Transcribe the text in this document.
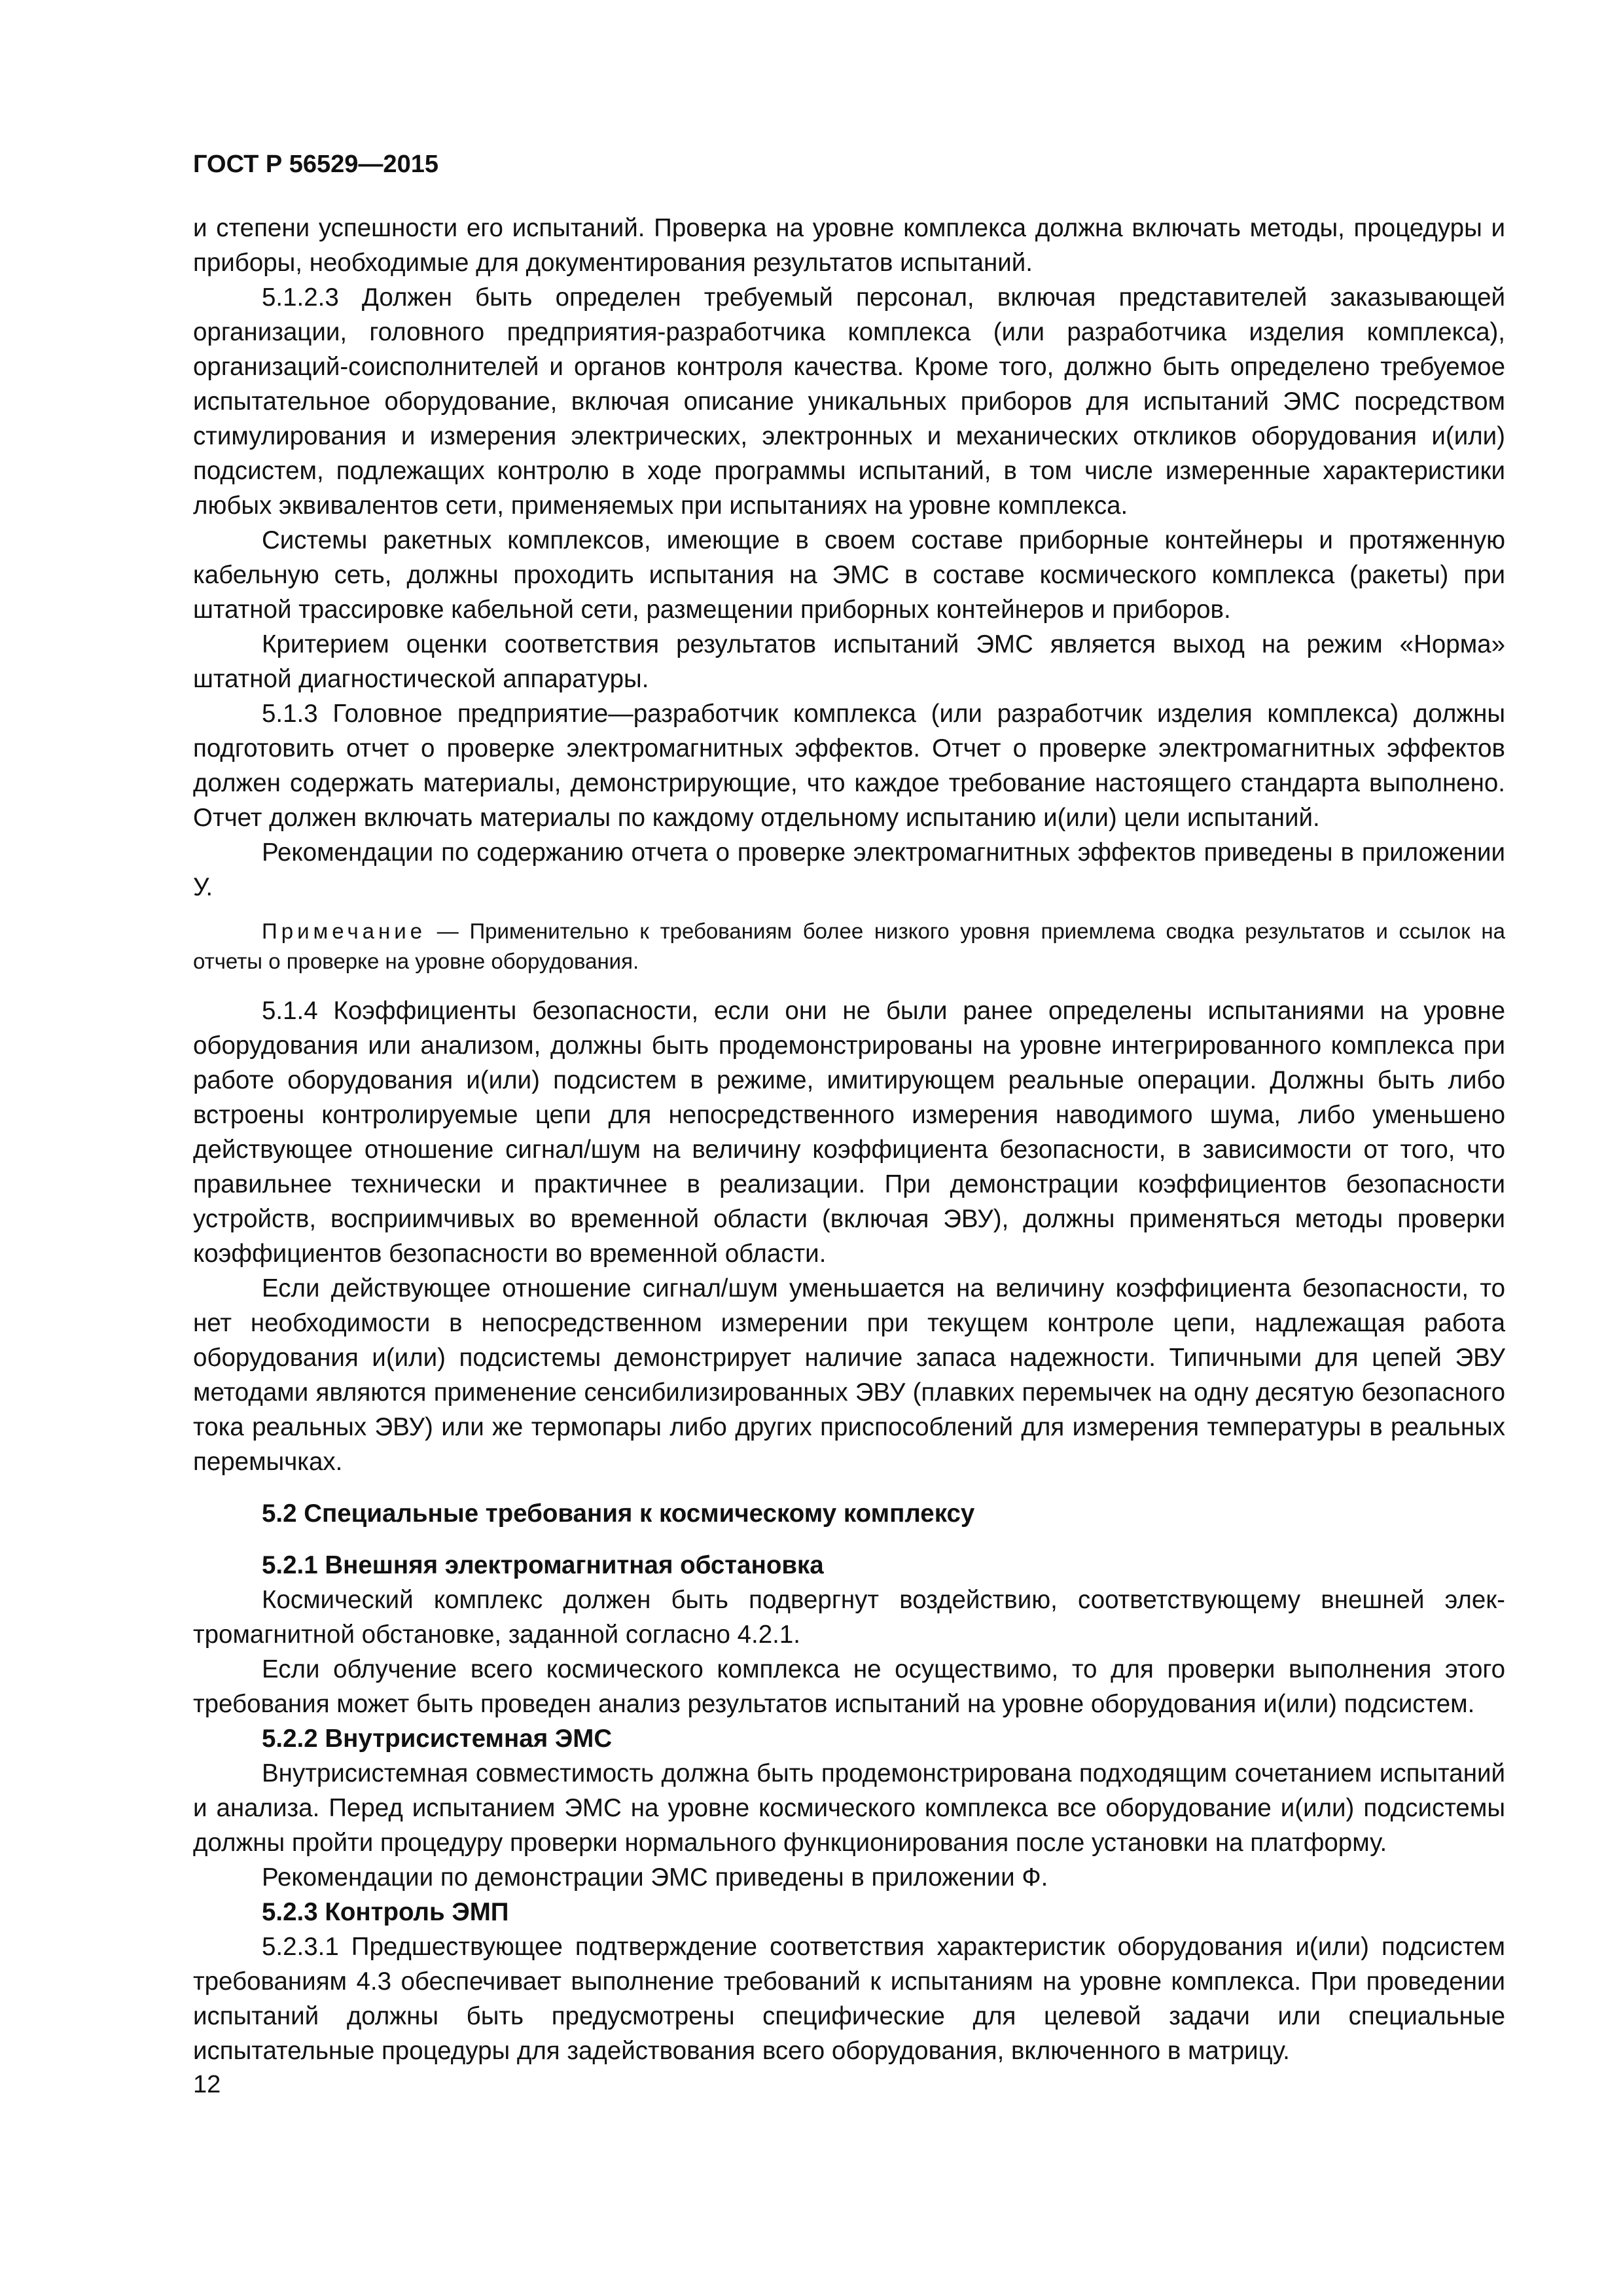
ГОСТ Р 56529—2015

и степени успешности его испытаний. Проверка на уровне комплекса должна включать методы, процедуры и приборы, необходимые для документирования результатов испытаний.

5.1.2.3 Должен быть определен требуемый персонал, включая представителей заказывающей организации, головного предприятия-разработчика комплекса (или разработчика изделия комплекса), организаций-соисполнителей и органов контроля качества. Кроме того, должно быть определено требуемое испытательное оборудование, включая описание уникальных приборов для испытаний ЭМС посредством стимулирования и измерения электрических, электронных и механических откликов оборудования и(или) подсистем, подлежащих контролю в ходе программы испытаний, в том числе измеренные характеристики любых эквивалентов сети, применяемых при испытаниях на уровне комплекса.

Системы ракетных комплексов, имеющие в своем составе приборные контейнеры и протяженную кабельную сеть, должны проходить испытания на ЭМС в составе космического комплекса (ракеты) при штатной трассировке кабельной сети, размещении приборных контейнеров и приборов.

Критерием оценки соответствия результатов испытаний ЭМС является выход на режим «Норма» штатной диагностической аппаратуры.

5.1.3 Головное предприятие—разработчик комплекса (или разработчик изделия комплекса) должны подготовить отчет о проверке электромагнитных эффектов. Отчет о проверке электромагнитных эффектов должен содержать материалы, демонстрирующие, что каждое требование настоящего стандарта выполнено. Отчет должен включать материалы по каждому отдельному испытанию и(или) цели испытаний.

Рекомендации по содержанию отчета о проверке электромагнитных эффектов приведены в приложении У.

Примечание — Применительно к требованиям более низкого уровня приемлема сводка результатов и ссылок на отчеты о проверке на уровне оборудования.

5.1.4 Коэффициенты безопасности, если они не были ранее определены испытаниями на уровне оборудования или анализом, должны быть продемонстрированы на уровне интегрированного комплекса при работе оборудования и(или) подсистем в режиме, имитирующем реальные операции. Должны быть либо встроены контролируемые цепи для непосредственного измерения наводимого шума, либо уменьшено действующее отношение сигнал/шум на величину коэффициента безопасности, в зависимости от того, что правильнее технически и практичнее в реализации. При демонстрации коэффициентов безопасности устройств, восприимчивых во временной области (включая ЭВУ), должны применяться методы проверки коэффициентов безопасности во временной области.

Если действующее отношение сигнал/шум уменьшается на величину коэффициента безопасности, то нет необходимости в непосредственном измерении при текущем контроле цепи, надлежащая работа оборудования и(или) подсистемы демонстрирует наличие запаса надежности. Типичными для цепей ЭВУ методами являются применение сенсибилизированных ЭВУ (плавких перемычек на одну десятую безопасного тока реальных ЭВУ) или же термопары либо других приспособлений для измерения температуры в реальных перемычках.

5.2 Специальные требования к космическому комплексу
5.2.1 Внешняя электромагнитная обстановка

Космический комплекс должен быть подвергнут воздействию, соответствующему внешней электромагнитной обстановке, заданной согласно 4.2.1.

Если облучение всего космического комплекса не осуществимо, то для проверки выполнения этого требования может быть проведен анализ результатов испытаний на уровне оборудования и(или) подсистем.

5.2.2 Внутрисистемная ЭМС

Внутрисистемная совместимость должна быть продемонстрирована подходящим сочетанием испытаний и анализа. Перед испытанием ЭМС на уровне космического комплекса все оборудование и(или) подсистемы должны пройти процедуру проверки нормального функционирования после установки на платформу.

Рекомендации по демонстрации ЭМС приведены в приложении Ф.

5.2.3 Контроль ЭМП

5.2.3.1 Предшествующее подтверждение соответствия характеристик оборудования и(или) подсистем требованиям 4.3 обеспечивает выполнение требований к испытаниям на уровне комплекса. При проведении испытаний должны быть предусмотрены специфические для целевой задачи или специальные испытательные процедуры для задействования всего оборудования, включенного в матрицу.

12
